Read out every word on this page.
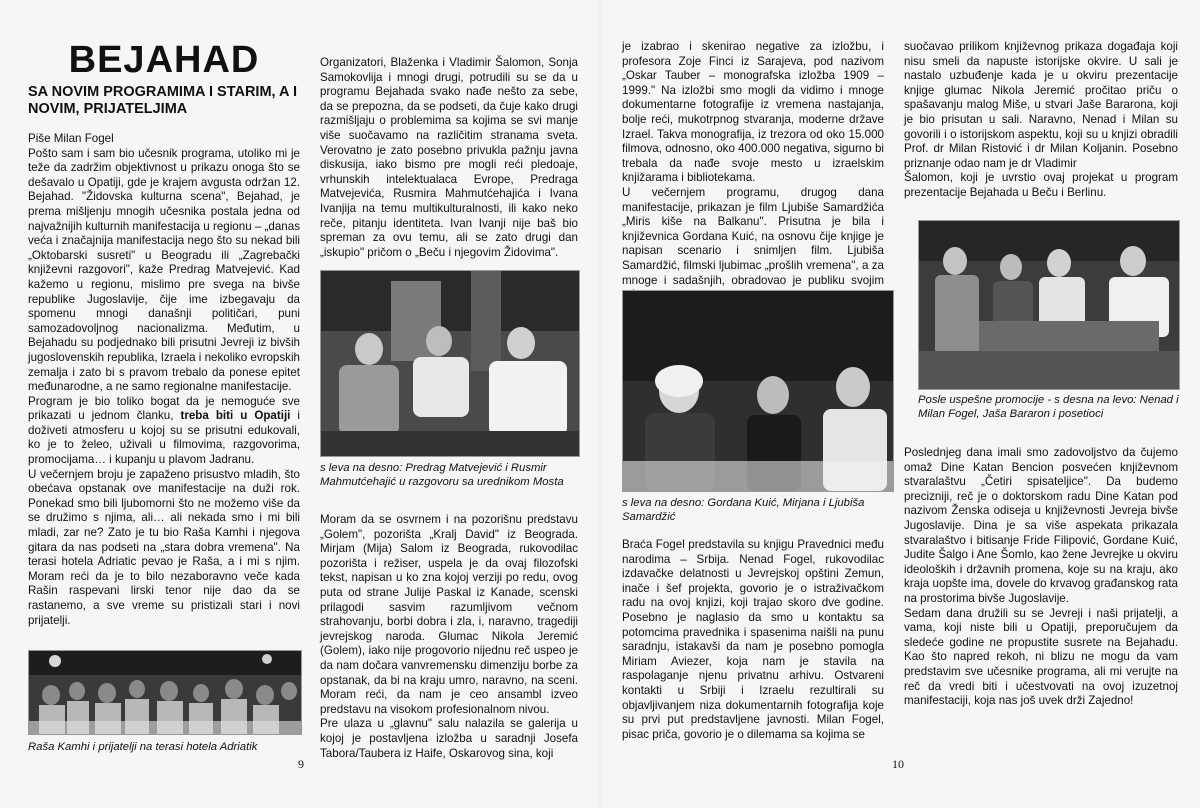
BEJAHAD
SA NOVIM PROGRAMIMA I STARIM, A I NOVIM, PRIJATELJIMA

Piše Milan Fogel

Pošto sam i sam bio učesnik programa, utoliko mi je teže da zadržim objektivnost u prikazu onoga što se dešavalo u Opatiji, gde je krajem avgusta održan 12. Bejahad. "Židovska kulturna scena", Bejahad, je prema mišljenju mnogih učesnika postala jedna od najvažnijih kulturnih manifestacija u regionu – „danas veća i značajnija manifestacija nego što su nekad bili „Oktobarski susreti" u Beogradu ili „Zagrebački književni razgovori", kaže Predrag Matvejević. Kad kažemo u regionu, mislimo pre svega na bivše republike Jugoslavije, čije ime izbegavaju da spomenu mnogi današnji političari, puni samozadovoljnog nacionalizma. Međutim, u Bejahadu su podjednako bili prisutni Jevreji iz bivših jugoslovenskih republika, Izraela i nekoliko evropskih zemalja i zato bi s pravom trebalo da ponese epitet međunarodne, a ne samo regionalne manifestacije.

Program je bio toliko bogat da je nemoguće sve prikazati u jednom članku, treba biti u Opatiji i doživeti atmosferu u kojoj su se prisutni edukovali, ko je to želeo, uživali u filmovima, razgovorima, promocijama… i kupanju u plavom Jadranu.

U večernjem broju je zapaženo prisustvo mladih, što obećava opstanak ove manifestacije na duži rok. Ponekad smo bili ljubomorni što ne možemo više da se družimo s njima, ali… ali nekada smo i mi bili mladi, zar ne? Zato je tu bio Raša Kamhi i njegova gitara da nas podseti na „stara dobra vremena". Na terasi hotela Adriatic pevao je Raša, a i mi s njim. Moram reći da je to bilo nezaboravno veče kada Rašin raspevani lirski tenor nije dao da se rastanemo, a sve vreme su pristizali stari i novi prijatelji.

Raša Kamhi i prijatelji na terasi hotela Adriatik

Organizatori, Blaženka i Vladimir Šalomon, Sonja Samokovlija i mnogi drugi, potrudili su se da u programu Bejahada svako nađe nešto za sebe, da se prepozna, da se podseti, da čuje kako drugi razmišljaju o problemima sa kojima se svi manje više suočavamo na različitim stranama sveta. Verovatno je zato posebno privukla pažnju javna diskusija, iako bismo pre mogli reći pledoaje, vrhunskih intelektualaca Evrope, Predraga Matvejevića, Rusmira Mahmutćehajića i Ivana Ivanjija na temu multikulturalnosti, ili kako neko reče, pitanju identiteta. Ivan Ivanji nije baš bio spreman za ovu temu, ali se zato drugi dan „iskupio" pričom o „Beču i njegovim Židovima".

s leva na desno: Predrag Matvejević i Rusmir Mahmutćehajić u razgovoru sa urednikom Mosta

Moram da se osvrnem i na pozorišnu predstavu „Golem", pozorišta „Kralj David" iz Beograda. Mirjam (Mija) Salom iz Beograda, rukovodilac pozorišta i režiser, uspela je da ovaj filozofski tekst, napisan u ko zna kojoj verziji po redu, ovog puta od strane Julije Paskal iz Kanade, scenski prilagodi sasvim razumljivom večnom strahovanju, borbi dobra i zla, i, naravno, tragediji jevrejskog naroda. Glumac Nikola Jeremić (Golem), iako nije progovorio nijednu reč uspeo je da nam dočara vanvremensku dimenziju borbe za opstanak, da bi na kraju umro, naravno, na sceni. Moram reći, da nam je ceo ansambl izveo predstavu na visokom profesionalnom nivou.

Pre ulaza u „glavnu" salu nalazila se galerija u kojoj je postavljena izložba u saradnji Josefa Tabora/Taubera iz Haife, Oskarovog sina, koji

9

je izabrao i skenirao negative za izložbu, i profesora Zoje Finci iz Sarajeva, pod nazivom „Oskar Tauber – monografska izložba 1909 – 1999." Na izložbi smo mogli da vidimo i mnoge dokumentarne fotografije iz vremena nastajanja, bolje reći, mukotrpnog stvaranja, moderne države Izrael. Takva monografija, iz trezora od oko 15.000 filmova, odnosno, oko 400.000 negativa, sigurno bi trebala da nađe svoje mesto u izraelskim knjižarama i bibliotekama.

U večernjem programu, drugog dana manifestacije, prikazan je film Ljubiše Samardžića „Miris kiše na Balkanu". Prisutna je bila i književnica Gordana Kuić, na osnovu čije knjige je napisan scenario i snimljen film. Ljubiša Samardžić, filmski ljubimac „prošlih vremena", a za mnoge i sadašnjih, obradovao je publiku svojim

s leva na desno: Gordana Kuić, Mirjana i Ljubiša Samardžić

Braća Fogel predstavila su knjigu Pravednici među narodima – Srbija. Nenad Fogel, rukovodilac izdavačke delatnosti u Jevrejskoj opštini Zemun, inače i šef projekta, govorio je o istraživačkom radu na ovoj knjizi, koji trajao skoro dve godine. Posebno je naglasio da smo u kontaktu sa potomcima pravednika i spasenima naišli na punu saradnju, istakavši da nam je posebno pomogla Miriam Aviezer, koja nam je stavila na raspolaganje njenu privatnu arhivu. Ostvareni kontakti u Srbiji i Izraelu rezultirali su objavljivanjem niza dokumentarnih fotografija koje su prvi put predstavljene javnosti. Milan Fogel, pisac priča, govorio je o dilemama sa kojima se

suočavao prilikom književnog prikaza događaja koji nisu smeli da napuste istorijske okvire. U sali je nastalo uzbuđenje kada je u okviru prezentacije knjige glumac Nikola Jeremić pročitao priču o spašavanju malog Miše, u stvari Jaše Bararona, koji je bio prisutan u sali. Naravno, Nenad i Milan su govorili i o istorijskom aspektu, koji su u knjizi obradili Prof. dr Milan Ristović i dr Milan Koljanin. Posebno priznanje odao nam je dr Vladimir

Šalomon, koji je uvrstio ovaj projekat u program prezentacije Bejahada u Beču i Berlinu.

Posle uspešne promocije - s desna na levo: Nenad i Milan Fogel, Jaša Bararon i posetioci

Poslednjeg dana imali smo zadovoljstvo da čujemo omaž Dine Katan Bencion posvećen književnom stvaralaštvu „Četiri spisateljice". Da budemo precizniji, reč je o doktorskom radu Dine Katan pod nazivom Ženska odiseja u književnosti Jevreja bivše Jugoslavije. Dina je sa više aspekata prikazala stvaralaštvo i bitisanje Fride Filipović, Gordane Kuić, Judite Šalgo i Ane Šomlo, kao žene Jevrejke u okviru ideoloških i državnih promena, koje su na kraju, ako kraja uopšte ima, dovele do krvavog građanskog rata na prostorima bivše Jugoslavije.

Sedam dana družili su se Jevreji i naši prijatelji, a vama, koji niste bili u Opatiji, preporučujem da sledeće godine ne propustite susrete na Bejahadu. Kao što napred rekoh, ni blizu ne mogu da vam predstavim sve učesnike programa, ali mi verujte na reč da vredi biti i učestvovati na ovoj izuzetnoj manifestaciji, koja nas još uvek drži Zajedno!

10
